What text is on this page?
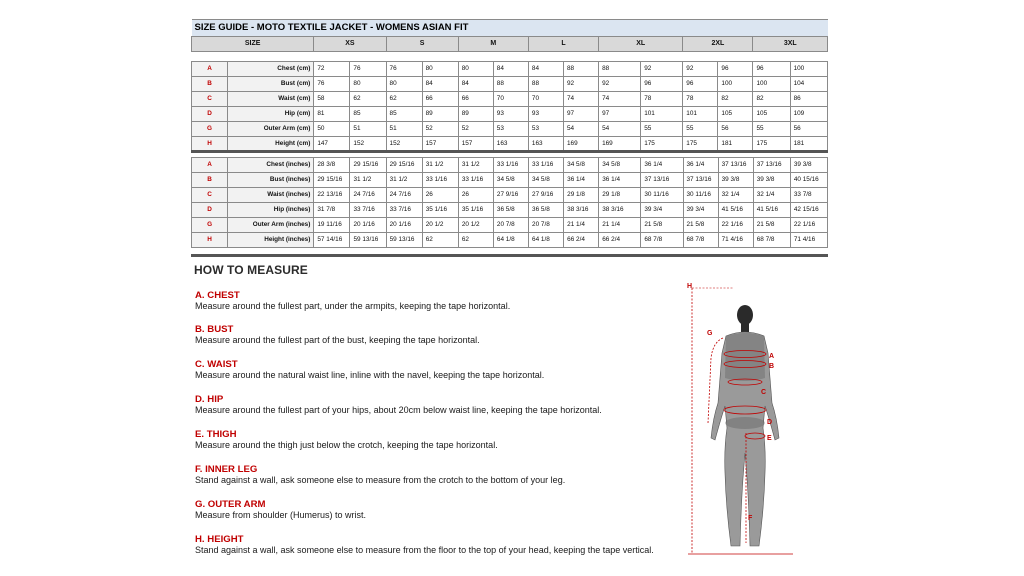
SIZE GUIDE - MOTO TEXTILE JACKET - WOMENS ASIAN FIT															
SIZE		XS		S		M		L		XL		2XL		3XL	

A	Chest (cm)	72	76	76	80	80	84	84	88	88	92	92	96	96	100
B	Bust (cm)	76	80	80	84	84	88	88	92	92	96	96	100	100	104
C	Waist (cm)	58	62	62	66	66	70	70	74	74	78	78	82	82	86
D	Hip (cm)	81	85	85	89	89	93	93	97	97	101	101	105	105	109
G	Outer Arm (cm)	50	51	51	52	52	53	53	54	54	55	55	56	55	56
H	Height (cm)	147	152	152	157	157	163	163	169	169	175	175	181	175	181
A	Chest (inches)	28 3/8	29 15/16	29 15/16	31 1/2	31 1/2	33 1/16	33 1/16	34 5/8	34 5/8	36 1/4	36 1/4	37 13/16	37 13/16	39 3/8
B	Bust (inches)	29 15/16	31 1/2	31 1/2	33 1/16	33 1/16	34 5/8	34 5/8	36 1/4	36 1/4	37 13/16	37 13/16	39 3/8	39 3/8	40 15/16
C	Waist (inches)	22 13/16	24 7/16	24 7/16	26	26	27 9/16	27 9/16	29 1/8	29 1/8	30 11/16	30 11/16	32 1/4	32 1/4	33 7/8
D	Hip (inches)	31 7/8	33 7/16	33 7/16	35 1/16	35 1/16	36 5/8	36 5/8	38 3/16	38 3/16	39 3/4	39 3/4	41 5/16	41 5/16	42 15/16
G	Outer Arm (inches)	19 11/16	20 1/16	20 1/16	20 1/2	20 1/2	20 7/8	20 7/8	21 1/4	21 1/4	21 5/8	21 5/8	22 1/16	21 5/8	22 1/16
H	Height (inches)	57 14/16	59 13/16	59 13/16	62	62	64 1/8	64 1/8	66 2/4	66 2/4	68 7/8	68 7/8	71 4/16	68 7/8	71 4/16
HOW TO MEASURE
A. CHEST
Measure around the fullest part, under the armpits, keeping the tape horizontal.
B. BUST
Measure around the fullest part of the bust, keeping the tape horizontal.
C. WAIST
Measure around the natural waist line, inline with the navel, keeping the tape horizontal.
D. HIP
Measure around the fullest part of your hips, about 20cm below waist line, keeping the tape horizontal.
E. THIGH
Measure around the thigh just below the crotch, keeping the tape horizontal.
F. INNER LEG
Stand against a wall, ask someone else to measure from the crotch to the bottom of your leg.
G. OUTER ARM
Measure from shoulder (Humerus) to wrist.
H. HEIGHT
Stand against a wall, ask someone else to measure from the floor to the top of your head, keeping the tape vertical.
H
G
A
B
C
D
E
F
